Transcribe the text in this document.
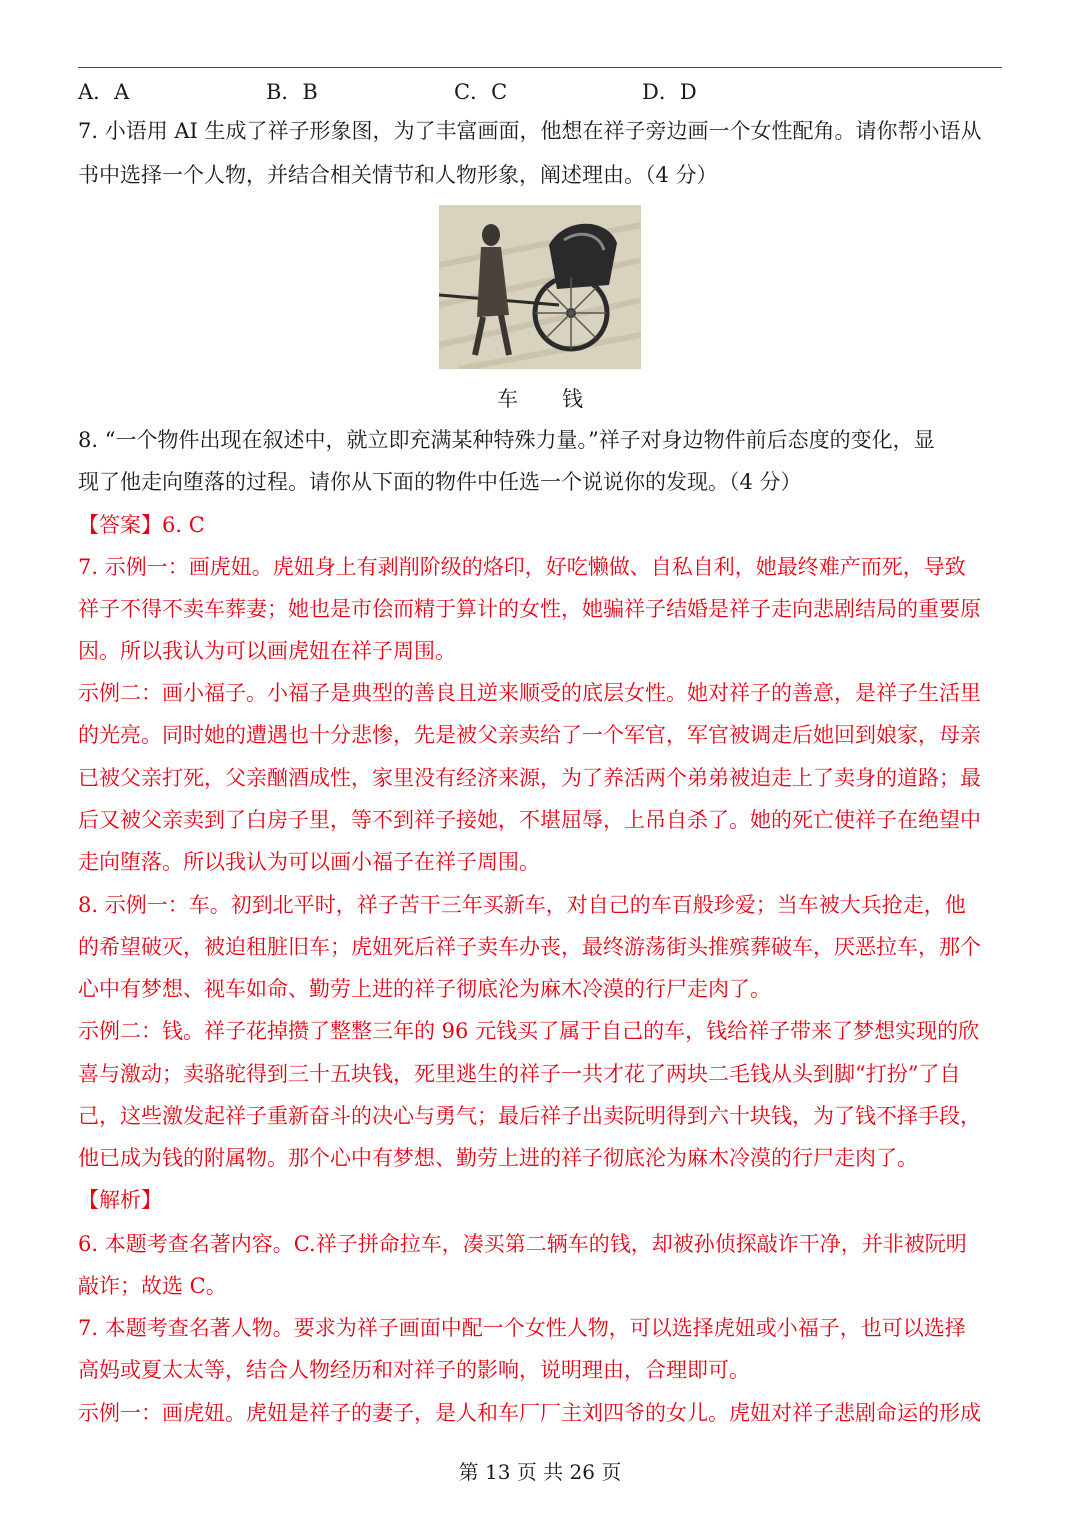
A．A	B．B	C．C	D．D
7. 小语用 AI 生成了祥子形象图，为了丰富画面，他想在祥子旁边画一个女性配角。请你帮小语从
书中选择一个人物，并结合相关情节和人物形象，阐述理由。（4 分）
车 钱
8. “一个物件出现在叙述中，就立即充满某种特殊力量。”祥子对身边物件前后态度的变化，显
现了他走向堕落的过程。请你从下面的物件中任选一个说说你的发现。（4 分）
【答案】6. C
7. 示例一：画虎妞。虎妞身上有剥削阶级的烙印，好吃懒做、自私自利，她最终难产而死，导致
祥子不得不卖车葬妻；她也是市侩而精于算计的女性，她骗祥子结婚是祥子走向悲剧结局的重要原
因。所以我认为可以画虎妞在祥子周围。
示例二：画小福子。小福子是典型的善良且逆来顺受的底层女性。她对祥子的善意，是祥子生活里
的光亮。同时她的遭遇也十分悲惨，先是被父亲卖给了一个军官，军官被调走后她回到娘家，母亲
已被父亲打死，父亲酗酒成性，家里没有经济来源，为了养活两个弟弟被迫走上了卖身的道路；最
后又被父亲卖到了白房子里，等不到祥子接她，不堪屈辱，上吊自杀了。她的死亡使祥子在绝望中
走向堕落。所以我认为可以画小福子在祥子周围。
8. 示例一：车。初到北平时，祥子苦干三年买新车，对自己的车百般珍爱；当车被大兵抢走，他
的希望破灭，被迫租脏旧车；虎妞死后祥子卖车办丧，最终游荡街头推殡葬破车，厌恶拉车，那个
心中有梦想、视车如命、勤劳上进的祥子彻底沦为麻木冷漠的行尸走肉了。
示例二：钱。祥子花掉攒了整整三年的 96 元钱买了属于自己的车，钱给祥子带来了梦想实现的欣
喜与激动；卖骆驼得到三十五块钱，死里逃生的祥子一共才花了两块二毛钱从头到脚“打扮”了自
己，这些激发起祥子重新奋斗的决心与勇气；最后祥子出卖阮明得到六十块钱，为了钱不择手段，
他已成为钱的附属物。那个心中有梦想、勤劳上进的祥子彻底沦为麻木冷漠的行尸走肉了。
【解析】
6. 本题考查名著内容。C.祥子拼命拉车，凑买第二辆车的钱，却被孙侦探敲诈干净，并非被阮明
敲诈；故选 C。
7. 本题考查名著人物。要求为祥子画面中配一个女性人物，可以选择虎妞或小福子，也可以选择
高妈或夏太太等，结合人物经历和对祥子的影响，说明理由，合理即可。
示例一：画虎妞。虎妞是祥子的妻子，是人和车厂厂主刘四爷的女儿。虎妞对祥子悲剧命运的形成
第 13 页 共 26 页
